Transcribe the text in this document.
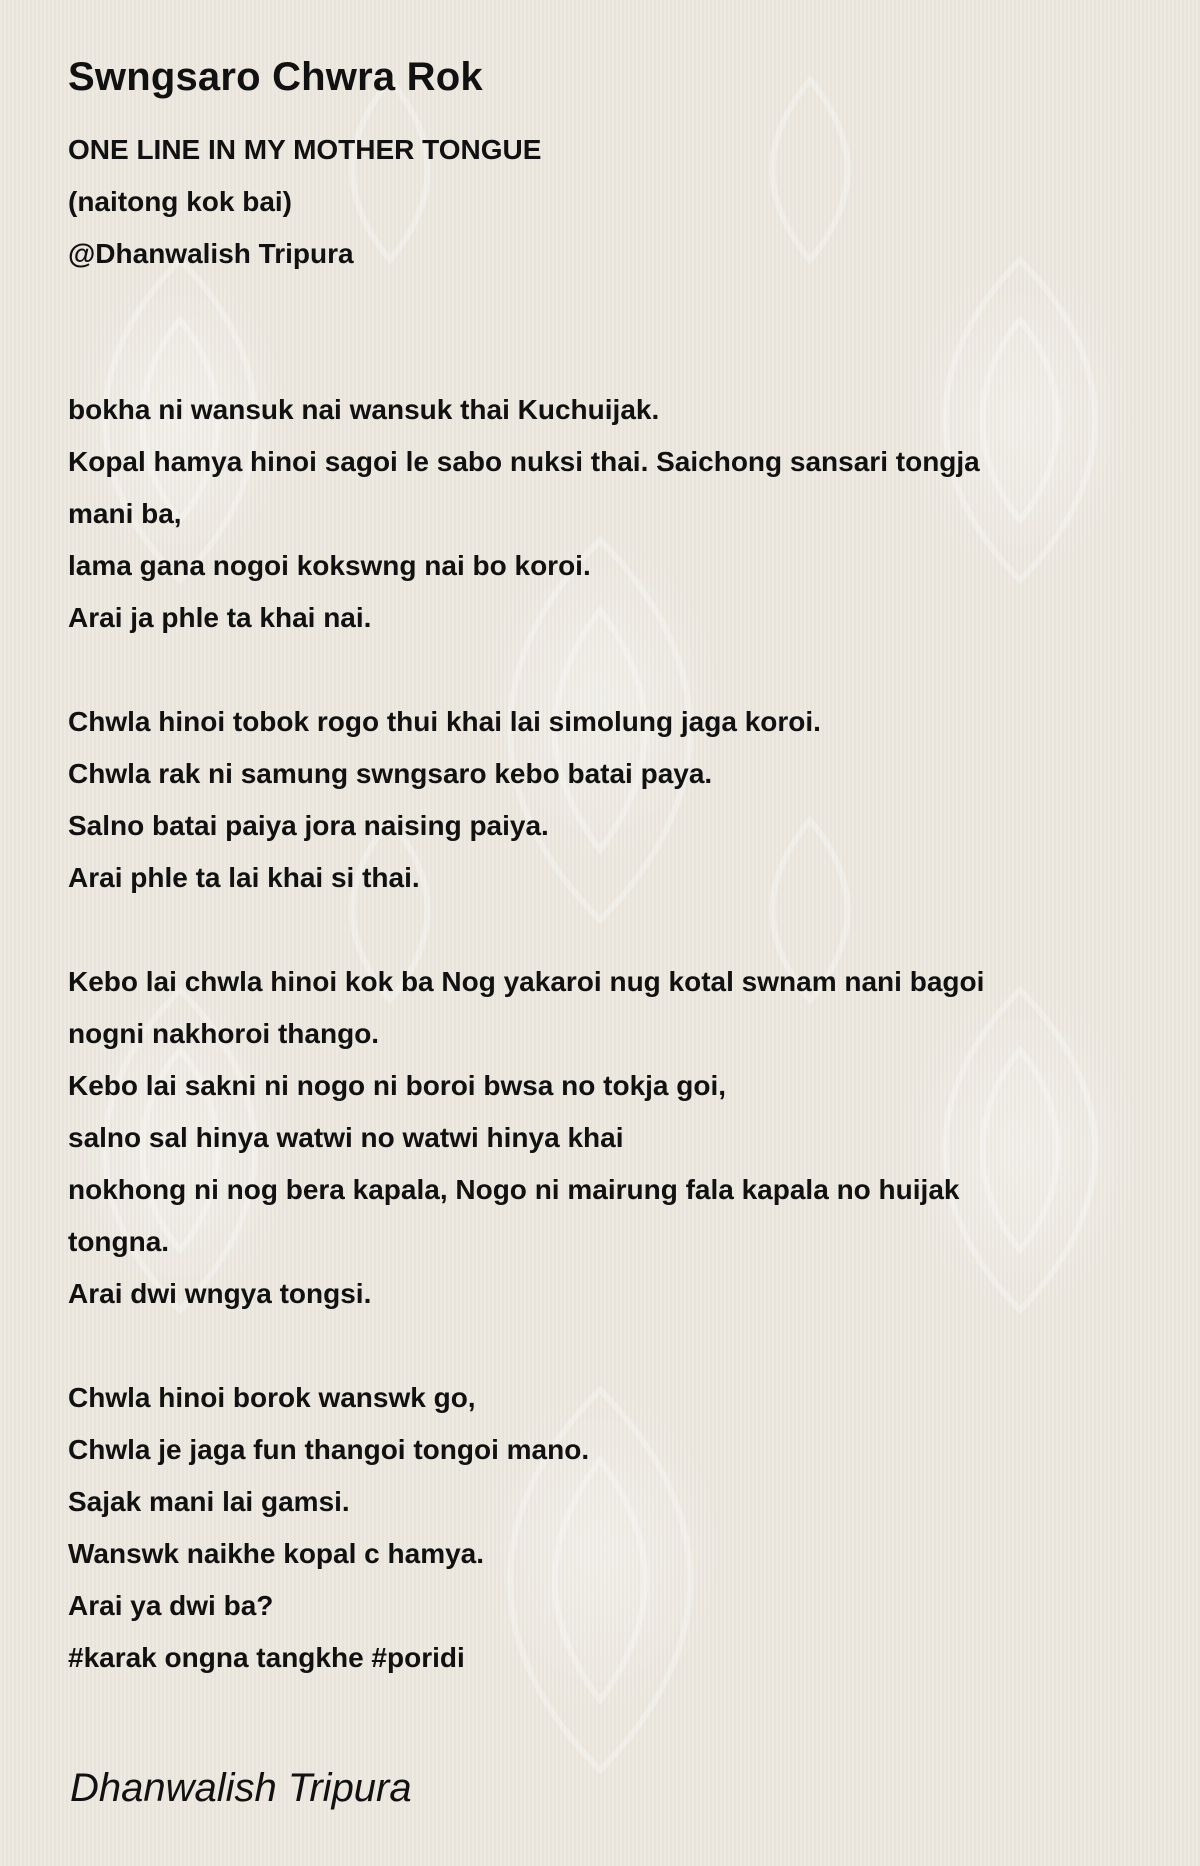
Swngsaro Chwra Rok
ONE LINE IN MY MOTHER TONGUE
(naitong kok bai)
@Dhanwalish Tripura
bokha ni wansuk nai wansuk thai Kuchuijak.
Kopal hamya hinoi sagoi le sabo nuksi thai. Saichong sansari tongja
mani ba,
lama gana nogoi kokswng nai bo koroi.
Arai ja phle ta khai nai.
Chwla hinoi tobok rogo thui khai lai simolung jaga koroi.
Chwla rak ni samung swngsaro kebo batai paya.
Salno batai paiya jora naising paiya.
Arai phle ta lai khai si thai.
Kebo lai chwla hinoi kok ba Nog yakaroi nug kotal swnam nani bagoi
nogni nakhoroi thango.
Kebo lai sakni ni nogo ni boroi bwsa no tokja goi,
salno sal hinya watwi no watwi hinya khai
nokhong ni nog bera kapala, Nogo ni mairung fala kapala no huijak
tongna.
Arai dwi wngya tongsi.
Chwla hinoi borok wanswk go,
Chwla je jaga fun thangoi tongoi mano.
Sajak mani lai gamsi.
Wanswk naikhe kopal c hamya.
Arai ya dwi ba?
#karak ongna tangkhe #poridi
Dhanwalish Tripura
